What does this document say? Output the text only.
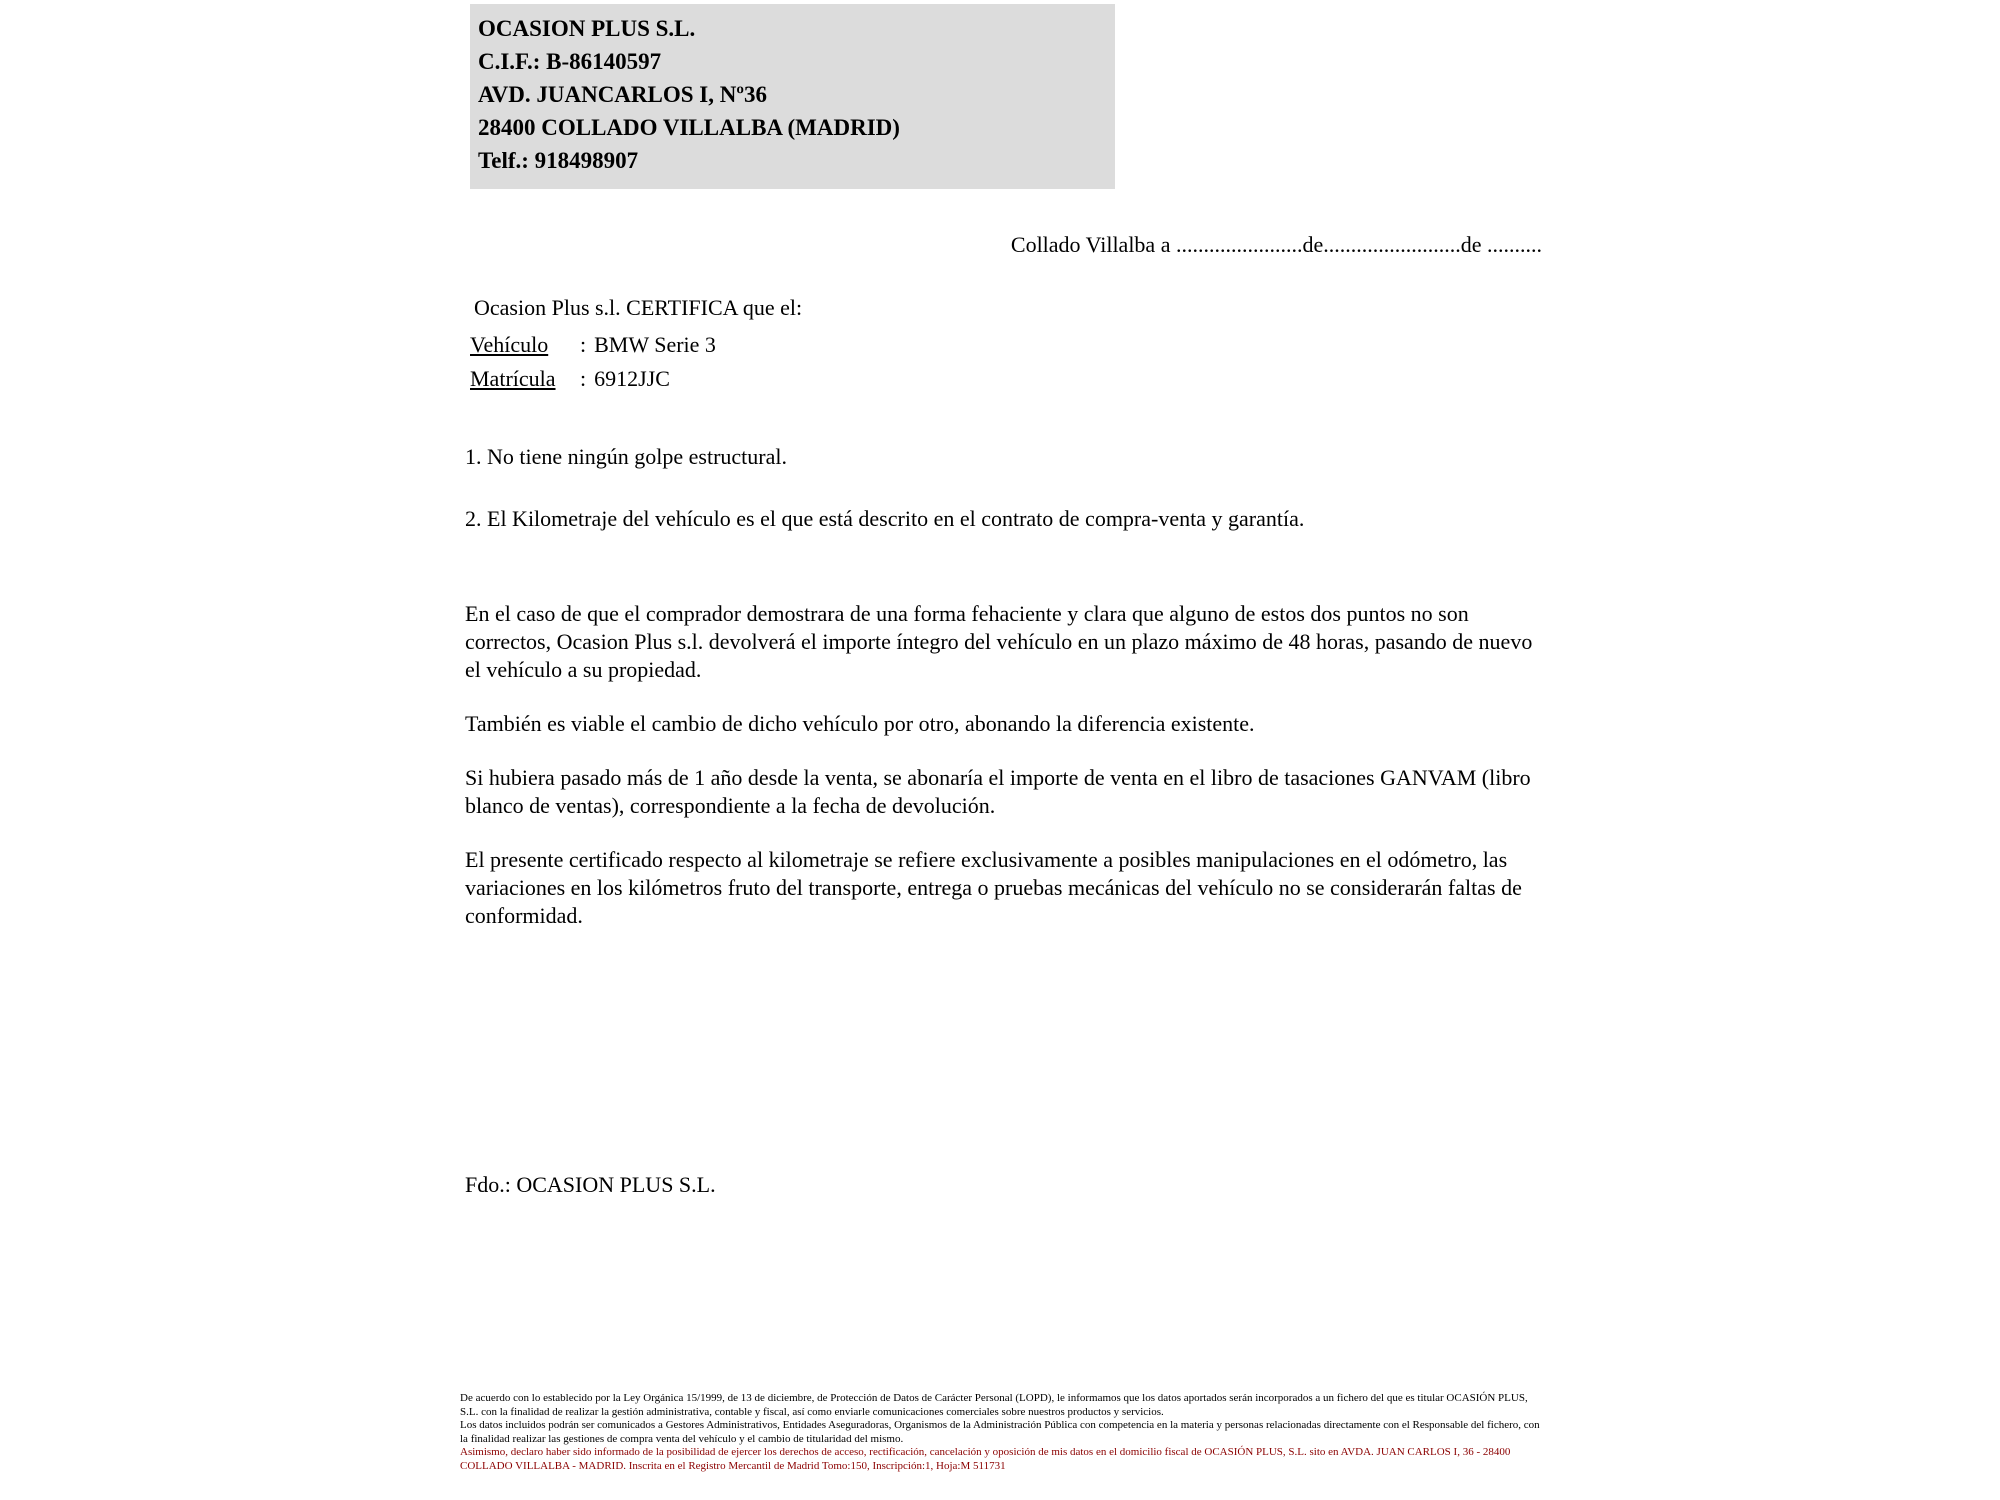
OCASION PLUS S.L.
C.I.F.: B-86140597
AVD. JUANCARLOS I, Nº36
28400 COLLADO VILLALBA (MADRID)
Telf.: 918498907
Collado Villalba a .......................de.........................de ..........
Ocasion Plus s.l. CERTIFICA que el:
Vehículo : BMW Serie 3
Matrícula : 6912JJC
1. No tiene ningún golpe estructural.
2. El Kilometraje del vehículo es el que está descrito en el contrato de compra-venta y garantía.
En el caso de que el comprador demostrara de una forma fehaciente y clara que alguno de estos dos puntos no son correctos, Ocasion Plus s.l. devolverá el importe íntegro del vehículo en un plazo máximo de 48 horas, pasando de nuevo el vehículo a su propiedad.
También es viable el cambio de dicho vehículo por otro, abonando la diferencia existente.
Si hubiera pasado más de 1 año desde la venta, se abonaría el importe de venta en el libro de tasaciones GANVAM (libro blanco de ventas), correspondiente a la fecha de devolución.
El presente certificado respecto al kilometraje se refiere exclusivamente a posibles manipulaciones en el odómetro, las variaciones en los kilómetros fruto del transporte, entrega o pruebas mecánicas del vehículo no se considerarán faltas de conformidad.
Fdo.: OCASION PLUS S.L.
De acuerdo con lo establecido por la Ley Orgánica 15/1999, de 13 de diciembre, de Protección de Datos de Carácter Personal (LOPD), le informamos que los datos aportados serán incorporados a un fichero del que es titular OCASIÓN PLUS, S.L. con la finalidad de realizar la gestión administrativa, contable y fiscal, así como enviarle comunicaciones comerciales sobre nuestros productos y servicios.
Los datos incluidos podrán ser comunicados a Gestores Administrativos, Entidades Aseguradoras, Organismos de la Administración Pública con competencia en la materia y personas relacionadas directamente con el Responsable del fichero, con la finalidad realizar las gestiones de compra venta del vehículo y el cambio de titularidad del mismo.
Asimismo, declaro haber sido informado de la posibilidad de ejercer los derechos de acceso, rectificación, cancelación y oposición de mis datos en el domicilio fiscal de OCASIÓN PLUS, S.L. sito en AVDA. JUAN CARLOS I, 36 - 28400 COLLADO VILLALBA - MADRID. Inscrita en el Registro Mercantil de Madrid Tomo:150, Inscripción:1, Hoja:M 511731
